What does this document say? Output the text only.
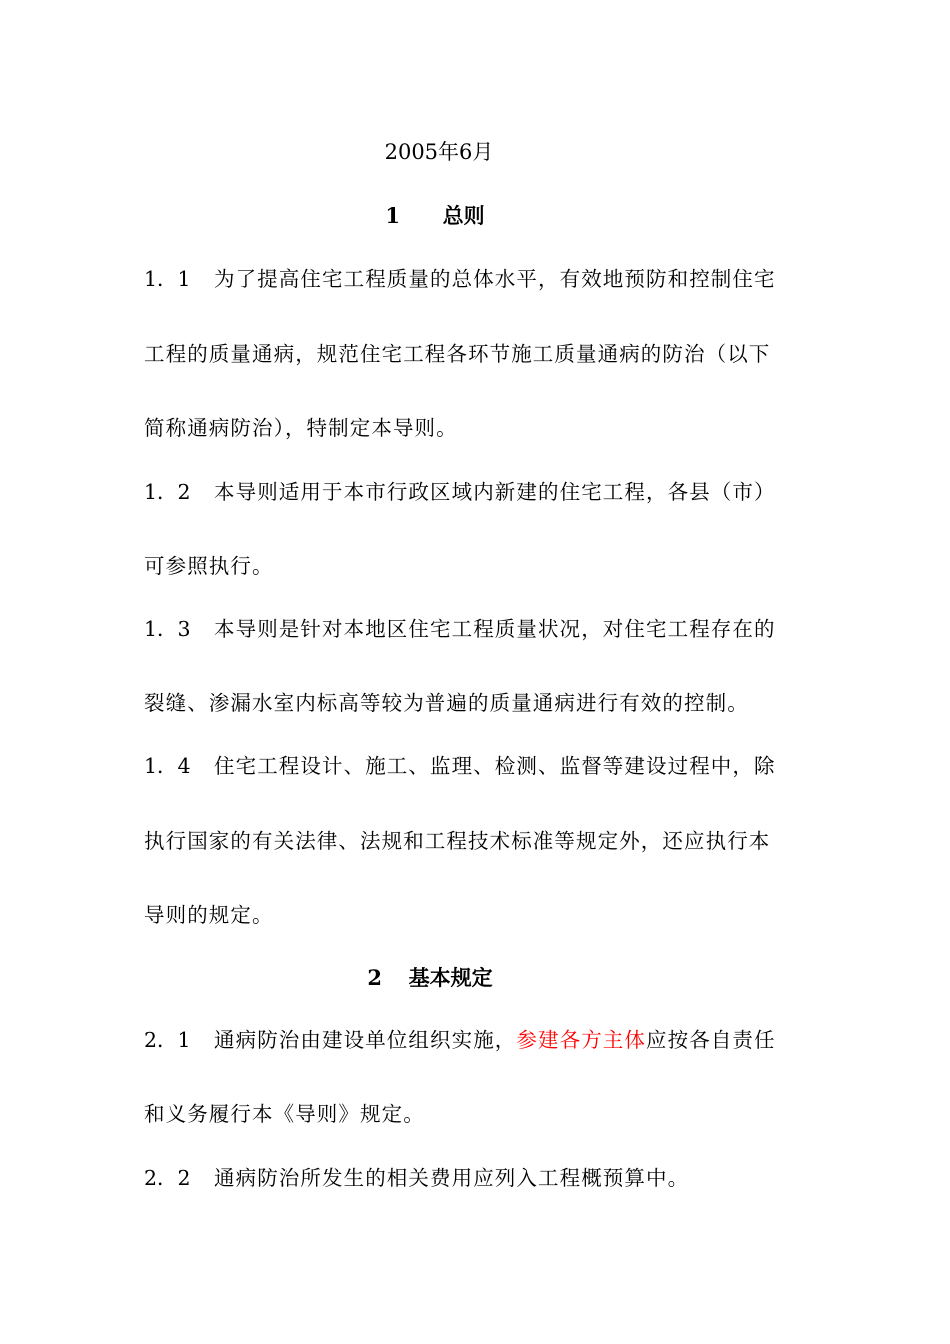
2005年6月
1 总则
1．1 为了提高住宅工程质量的总体水平，有效地预防和控制住宅
工程的质量通病，规范住宅工程各环节施工质量通病的防治（以下
简称通病防治），特制定本导则。
1．2 本导则适用于本市行政区域内新建的住宅工程，各县（市）
可参照执行。
1．3 本导则是针对本地区住宅工程质量状况，对住宅工程存在的
裂缝、渗漏水室内标高等较为普遍的质量通病进行有效的控制。
1．4 住宅工程设计、施工、监理、检测、监督等建设过程中，除
执行国家的有关法律、法规和工程技术标准等规定外，还应执行本
导则的规定。
2 基本规定
2．1 通病防治由建设单位组织实施，参建各方主体应按各自责任
和义务履行本《导则》规定。
2．2 通病防治所发生的相关费用应列入工程概预算中。
